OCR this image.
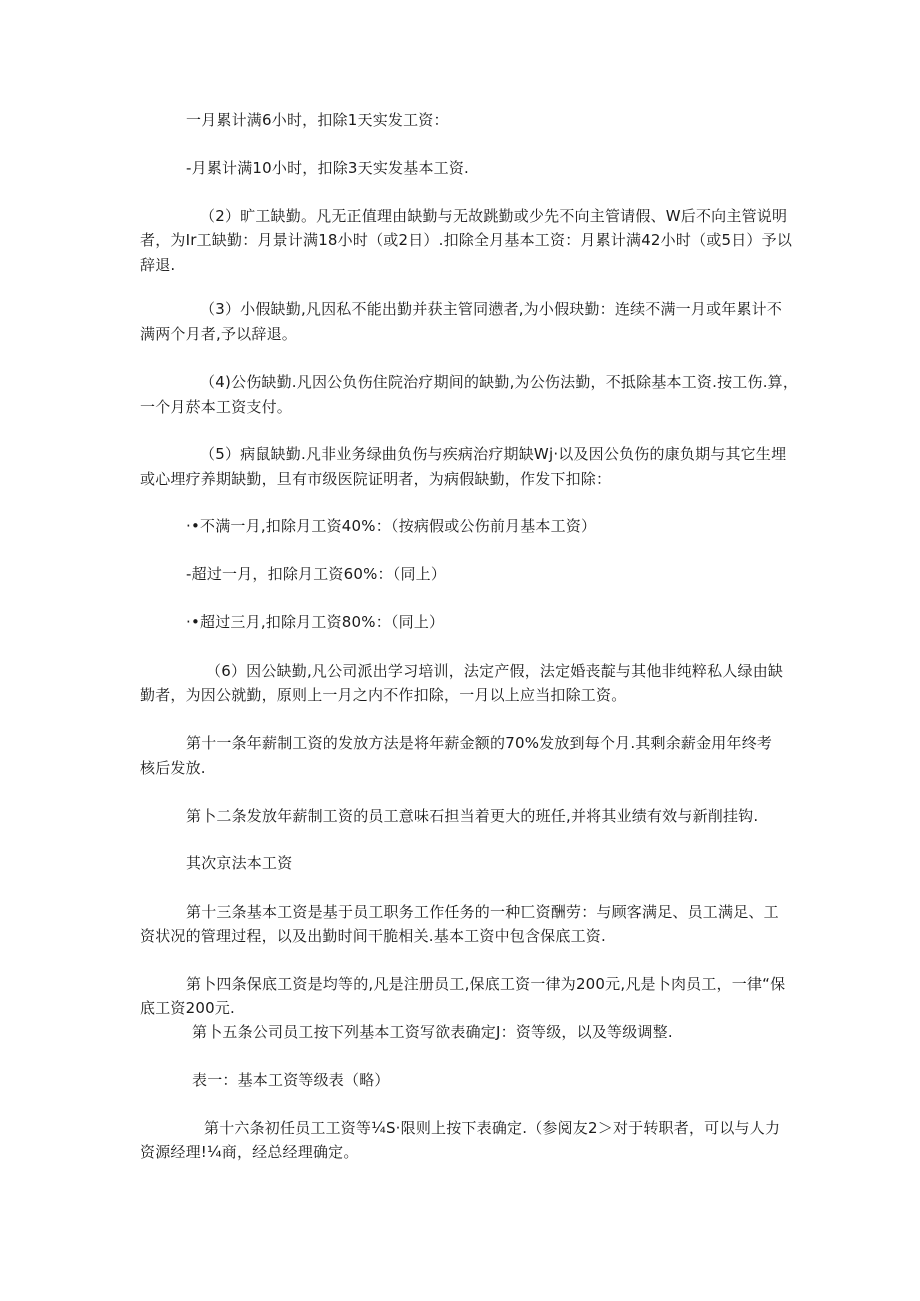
一月累计满6小时，扣除1天实发工资：

-月累计满10小时，扣除3天实发基本工资.

（2）旷工缺勤。凡无正值理由缺勤与无故跳勤或少先不向主管请假、W后不向主管说明

者，为Ir工缺勤：月景计满18小时（或2日）.扣除全月基本工资：月累计满42小时（或5日）予以

辞退.

（3）小假缺勤,凡因私不能出勤并获主管同懑者,为小假玦勤：连续不满一月或年累计不

满两个月者,予以辞退。

（4)公伤缺勤.凡因公负伤住院治疗期间的缺勤,为公伤法勤，不抵除基本工资.按工伤.算，

一个月菸本工资支付。

（5）病鼠缺勤.凡非业务绿曲负伤与疾病治疗期缺Wj·以及因公负伤的康负期与其它生埋

或心埋疗养期缺勤，旦有市级医院证明者，为病假缺勤，作发下扣除：

·•不满一月,扣除月工资40%：（按病假或公伤前月基本工资）

-超过一月，扣除月工资60%：（同上）

·•超过三月,扣除月工资80%：（同上）

（6）因公缺勤,凡公司派出学习培训，法定产假，法定婚丧靛与其他非纯粹私人绿由缺

勤者，为因公就勤，原则上一月之内不作扣除，一月以上应当扣除工资。

第十一条年薪制工资的发放方法是将年薪金额的70%发放到每个月.其剩余薪金用年终考

核后发放.

第卜二条发放年薪制工资的员工意味石担当着更大的班任,并将其业绩有效与新削挂钩.

其次京法本工资

第十三条基本工资是基于员工职务工作任务的一种匸资酬劳：与顾客满足、员工满足、工

资状况的管理过程，以及出勤时间干脆相关.基本工资中包含保底工资.

第卜四条保底工资是均等的,凡是注册员工,保底工资一律为200元,凡是卜肉员工，一律“保

底工资200元.

第卜五条公司员工按下列基本工资写欲表确定J：资等级，以及等级调整.

表一：基本工资等级表（略）

第十六条初任员工工资等¼S·限则上按下表确定.（参阅友2＞对于转职者，可以与人力

资源经理!¼商，经总经理确定。
